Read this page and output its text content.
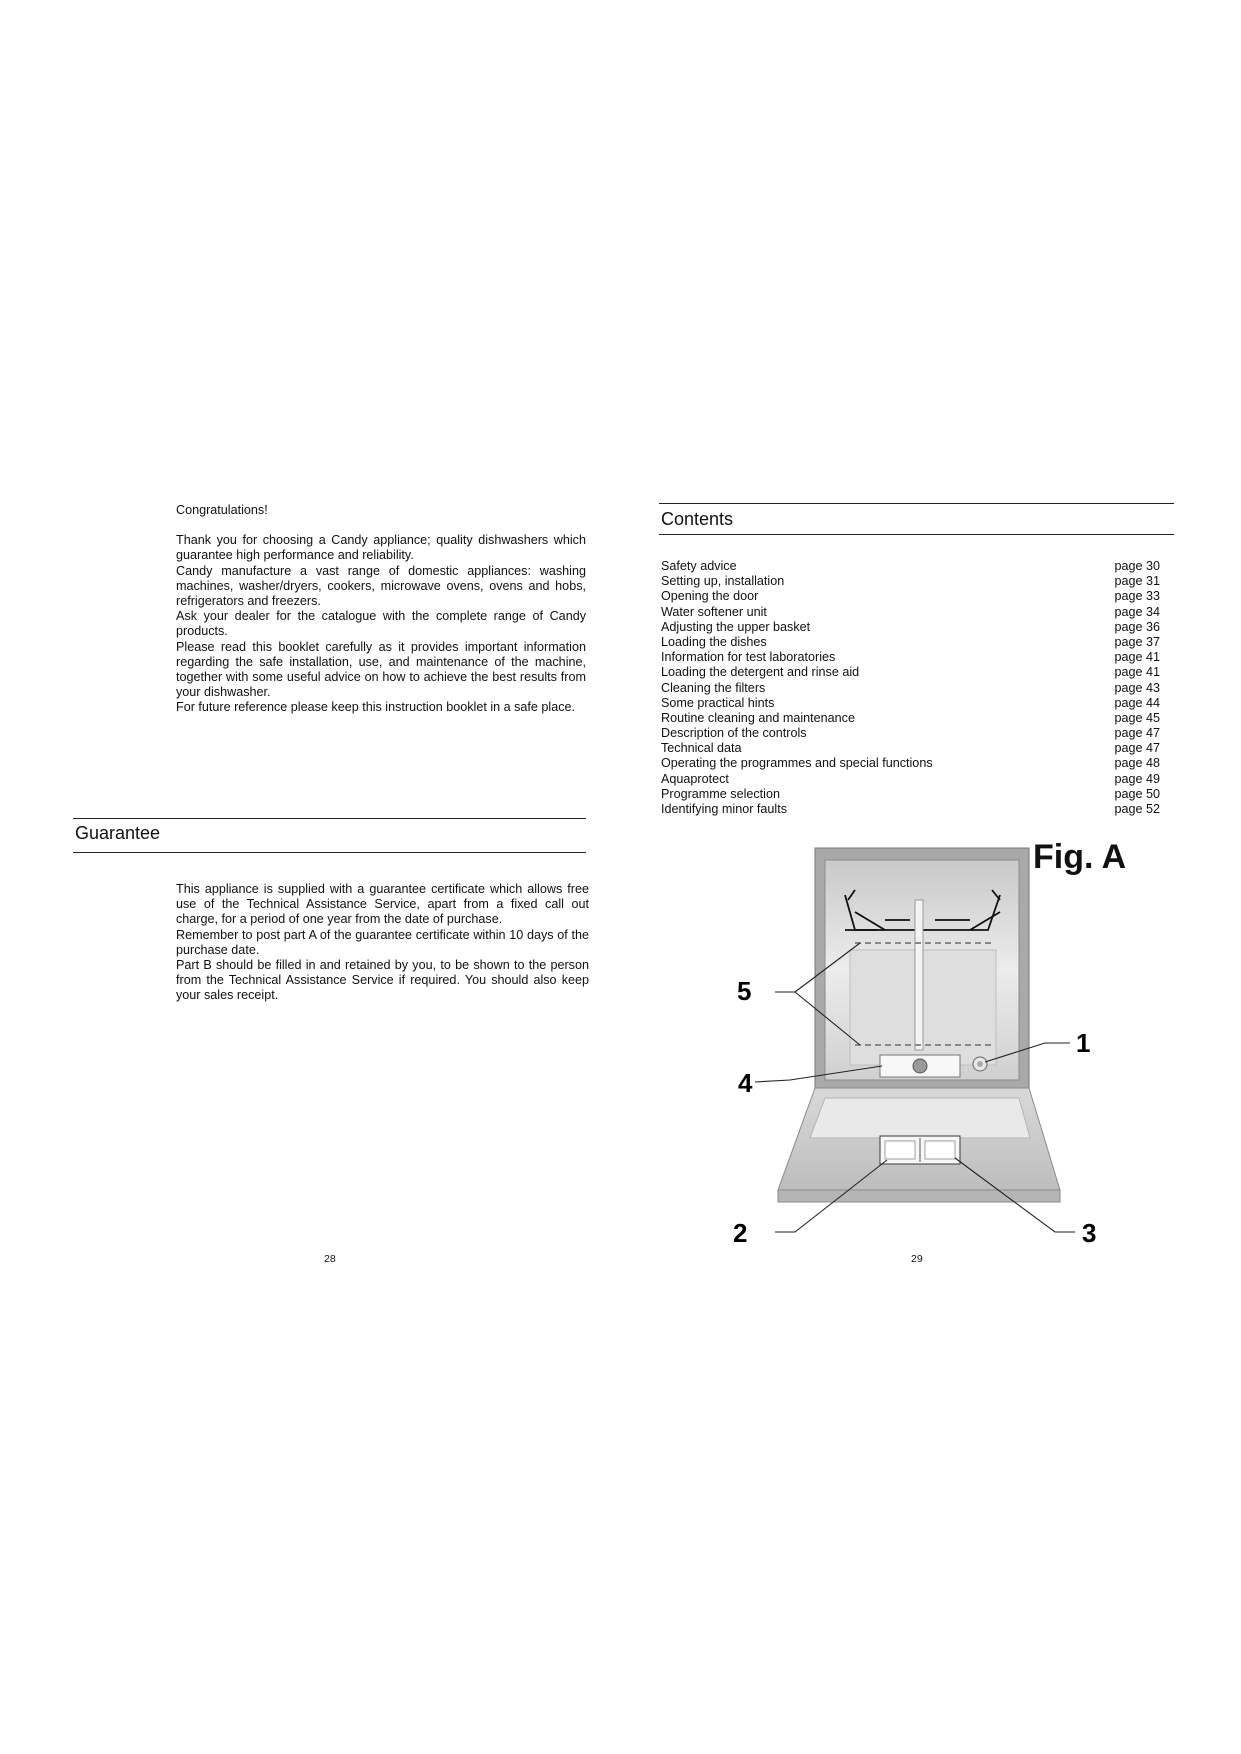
Congratulations!

Thank you for choosing a Candy appliance; quality dishwashers which guarantee high performance and reliability.

Candy manufacture a vast range of domestic appliances: washing machines, washer/dryers, cookers, microwave ovens, ovens and hobs, refrigerators and freezers.

Ask your dealer for the catalogue with the complete range of Candy products.

Please read this booklet carefully as it provides important information regarding the safe installation, use, and maintenance of the machine, together with some useful advice on how to achieve the best results from your dishwasher.

For future reference please keep this instruction booklet in a safe place.

Guarantee

This appliance is supplied with a guarantee certificate which allows free use of the Technical Assistance Service, apart from a fixed call out charge, for a period of one year from the date of purchase.

Remember to post part A of the guarantee certificate within 10 days of the purchase date.

Part B should be filled in and retained by you, to be shown to the person from the Technical Assistance Service if required. You should also keep your sales receipt.

28
Contents
Safety advice	page 30
Setting up, installation	page 31
Opening the door	page 33
Water softener unit	page 34
Adjusting the upper basket	page 36
Loading the dishes	page 37
Information for test laboratories	page 41
Loading the detergent and rinse aid	page 41
Cleaning the filters	page 43
Some practical hints	page 44
Routine cleaning and maintenance	page 45
Description of the controls	page 47
Technical data	page 47
Operating the programmes and special functions	page 48
Aquaprotect	page 49
Programme selection	page 50
Identifying minor faults	page 52
5
1
4
2	3
Fig. A
29
